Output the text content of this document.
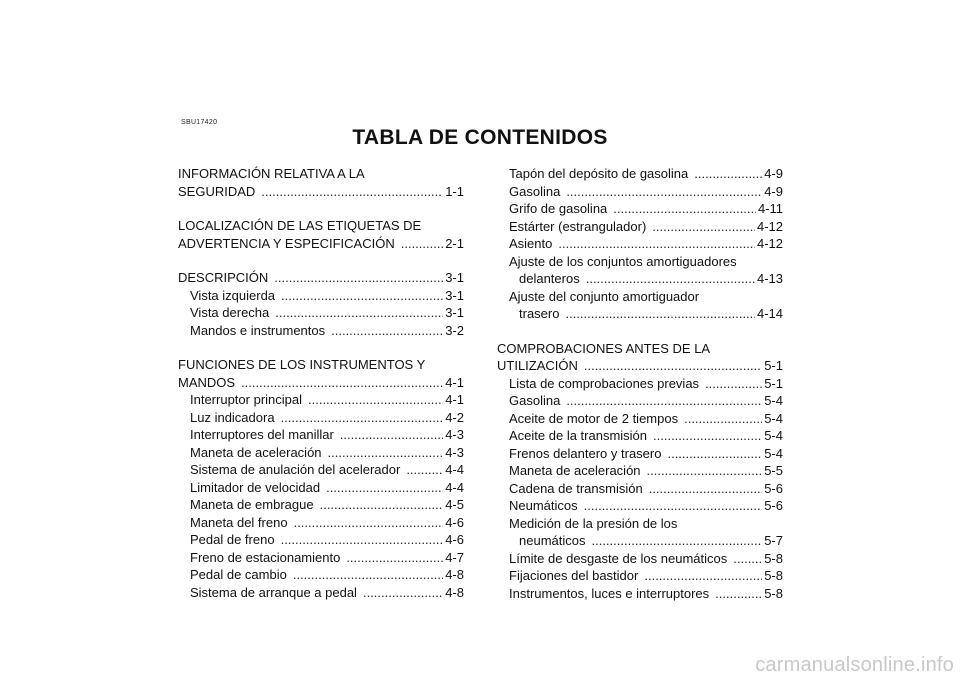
SBU17420
TABLA DE CONTENIDOS
INFORMACIÓN RELATIVA A LA
SEGURIDAD .....	1-1
LOCALIZACIÓN DE LAS ETIQUETAS DE
ADVERTENCIA Y ESPECIFICACIÓN .....	2-1
DESCRIPCIÓN .....	3-1
Vista izquierda .....	3-1
Vista derecha .....	3-1
Mandos e instrumentos .....	3-2
FUNCIONES DE LOS INSTRUMENTOS Y
MANDOS .....	4-1
Interruptor principal .....	4-1
Luz indicadora .....	4-2
Interruptores del manillar .....	4-3
Maneta de aceleración .....	4-3
Sistema de anulación del acelerador .....	4-4
Limitador de velocidad .....	4-4
Maneta de embrague .....	4-5
Maneta del freno .....	4-6
Pedal de freno .....	4-6
Freno de estacionamiento .....	4-7
Pedal de cambio .....	4-8
Sistema de arranque a pedal .....	4-8
Tapón del depósito de gasolina .....	4-9
Gasolina .....	4-9
Grifo de gasolina .....	4-11
Estárter (estrangulador) .....	4-12
Asiento .....	4-12
Ajuste de los conjuntos amortiguadores
delanteros .....	4-13
Ajuste del conjunto amortiguador
trasero .....	4-14
COMPROBACIONES ANTES DE LA
UTILIZACIÓN .....	5-1
Lista de comprobaciones previas .....	5-1
Gasolina .....	5-4
Aceite de motor de 2 tiempos .....	5-4
Aceite de la transmisión .....	5-4
Frenos delantero y trasero .....	5-4
Maneta de aceleración .....	5-5
Cadena de transmisión .....	5-6
Neumáticos .....	5-6
Medición de la presión de los
neumáticos .....	5-7
Límite de desgaste de los neumáticos .....	5-8
Fijaciones del bastidor .....	5-8
Instrumentos, luces e interruptores .....	5-8
carmanualsonline.info
